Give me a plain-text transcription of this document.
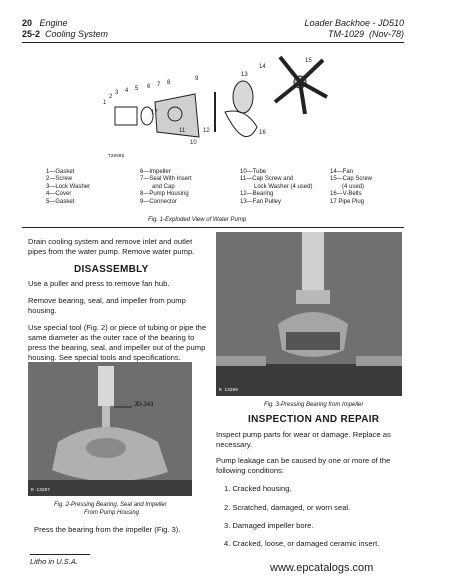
20 Engine
25-2 Cooling System
Loader Backhoe - JD510
TM-1029 (Nov-78)
1
2
3 4 5 6 7 8
9
10
11	12
13
14
15
16
17
T29505
1—Gasket
2—Screw
3—Lock Washer
4—Cover
5—Gasket
6—Impeller
7—Seal With Insert
and Cap
8—Pump Housing
9—Connector
10—Tube
11—Cap Screw and
Lock Washer (4 used)
12—Bearing
13—Fan Pulley
14—Fan
15—Cap Screw
(4 used)
16—V-Belts
17 Pipe Plug
Fig. 1-Exploded View of Water Pump
Drain cooling system and remove inlet and outlet pipes from the water pump. Remove water pump.
DISASSEMBLY
Use a puller and press to remove fan hub.
Remove bearing, seal, and impeller from pump housing.
Use special tool (Fig. 2) or piece of tubing or pipe the same diameter as the outer race of the bearing to press the bearing, seal, and impeller out of the pump housing. See special tools and specifications.
JD-243
R 13207
Fig. 2-Pressing Bearing, Seal and Impeller
From Pump Housing
Press the bearing from the impeller (Fig. 3).
R 13208
Fig. 3-Pressing Bearing from Impeller
INSPECTION AND REPAIR
Inspect pump parts for wear or damage. Replace as necessary.
Pump leakage can be caused by one or more of the following conditions:
1. Cracked housing.
2. Scratched, damaged, or worn seal.
3. Damaged impeller bore.
4. Cracked, loose, or damaged ceramic insert.
Litho in U.S.A.
www.epcatalogs.com
